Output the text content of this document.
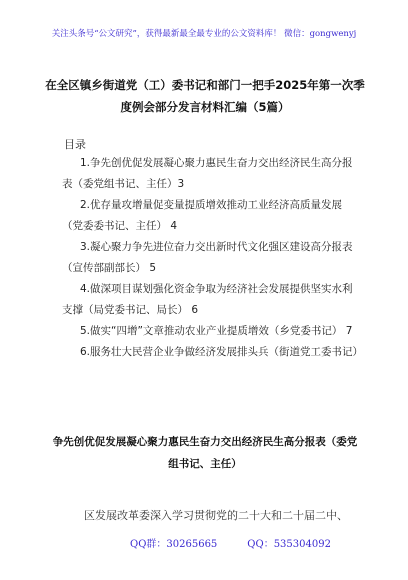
关注头条号“公文研究”，获得最新最全最专业的公文资料库！ 微信：gongwenyj
在全区镇乡街道党（工）委书记和部门一把手2025年第一次季度例会部分发言材料汇编（5篇）
目录

1.争先创优促发展凝心聚力惠民生奋力交出经济民生高分报表（委党组书记、主任）3

2.优存量攻增量促变量提质增效推动工业经济高质量发展（党委委书记、主任） 4

3.凝心聚力争先进位奋力交出新时代文化强区建设高分报表（宣传部副部长） 5

4.做深项目谋划强化资金争取为经济社会发展提供坚实水利支撑（局党委书记、局长） 6

5.做实“四增”文章推动农业产业提质增效（乡党委书记） 7

6.服务壮大民营企业争做经济发展排头兵（街道党工委书记）

争先创优促发展凝心聚力惠民生奋力交出经济民生高分报表（委党组书记、主任）
区发展改革委深入学习贯彻党的二十大和二十届二中、
QQ群：30265665	QQ：535304092
